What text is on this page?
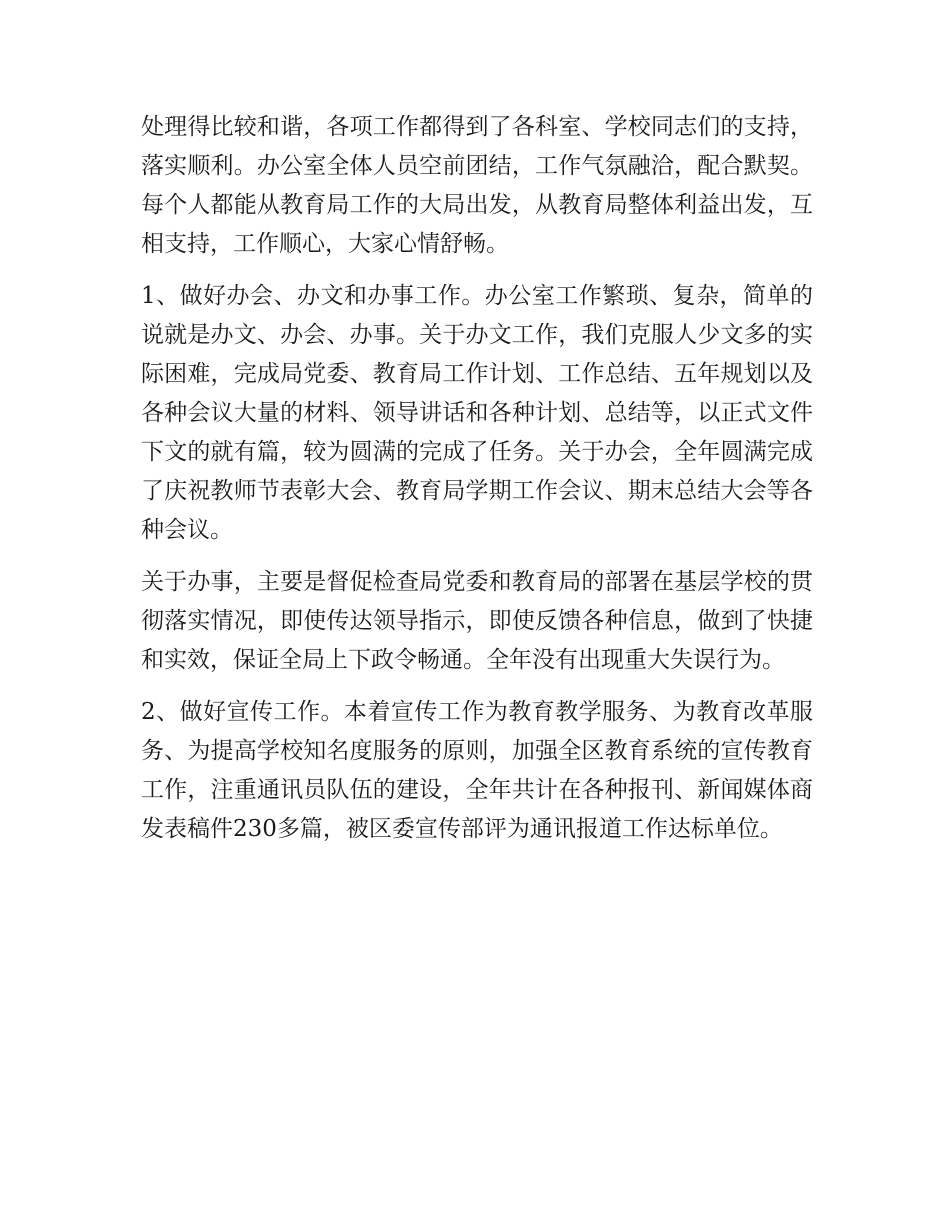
处理得比较和谐，各项工作都得到了各科室、学校同志们的支持，落实顺利。办公室全体人员空前团结，工作气氛融洽，配合默契。每个人都能从教育局工作的大局出发，从教育局整体利益出发，互相支持，工作顺心，大家心情舒畅。

1、做好办会、办文和办事工作。办公室工作繁琐、复杂，简单的说就是办文、办会、办事。关于办文工作，我们克服人少文多的实际困难，完成局党委、教育局工作计划、工作总结、五年规划以及各种会议大量的材料、领导讲话和各种计划、总结等，以正式文件下文的就有篇，较为圆满的完成了任务。关于办会，全年圆满完成了庆祝教师节表彰大会、教育局学期工作会议、期末总结大会等各种会议。

关于办事，主要是督促检查局党委和教育局的部署在基层学校的贯彻落实情况，即使传达领导指示，即使反馈各种信息，做到了快捷和实效，保证全局上下政令畅通。全年没有出现重大失误行为。

2、做好宣传工作。本着宣传工作为教育教学服务、为教育改革服务、为提高学校知名度服务的原则，加强全区教育系统的宣传教育工作，注重通讯员队伍的建设，全年共计在各种报刊、新闻媒体商发表稿件230多篇，被区委宣传部评为通讯报道工作达标单位。
